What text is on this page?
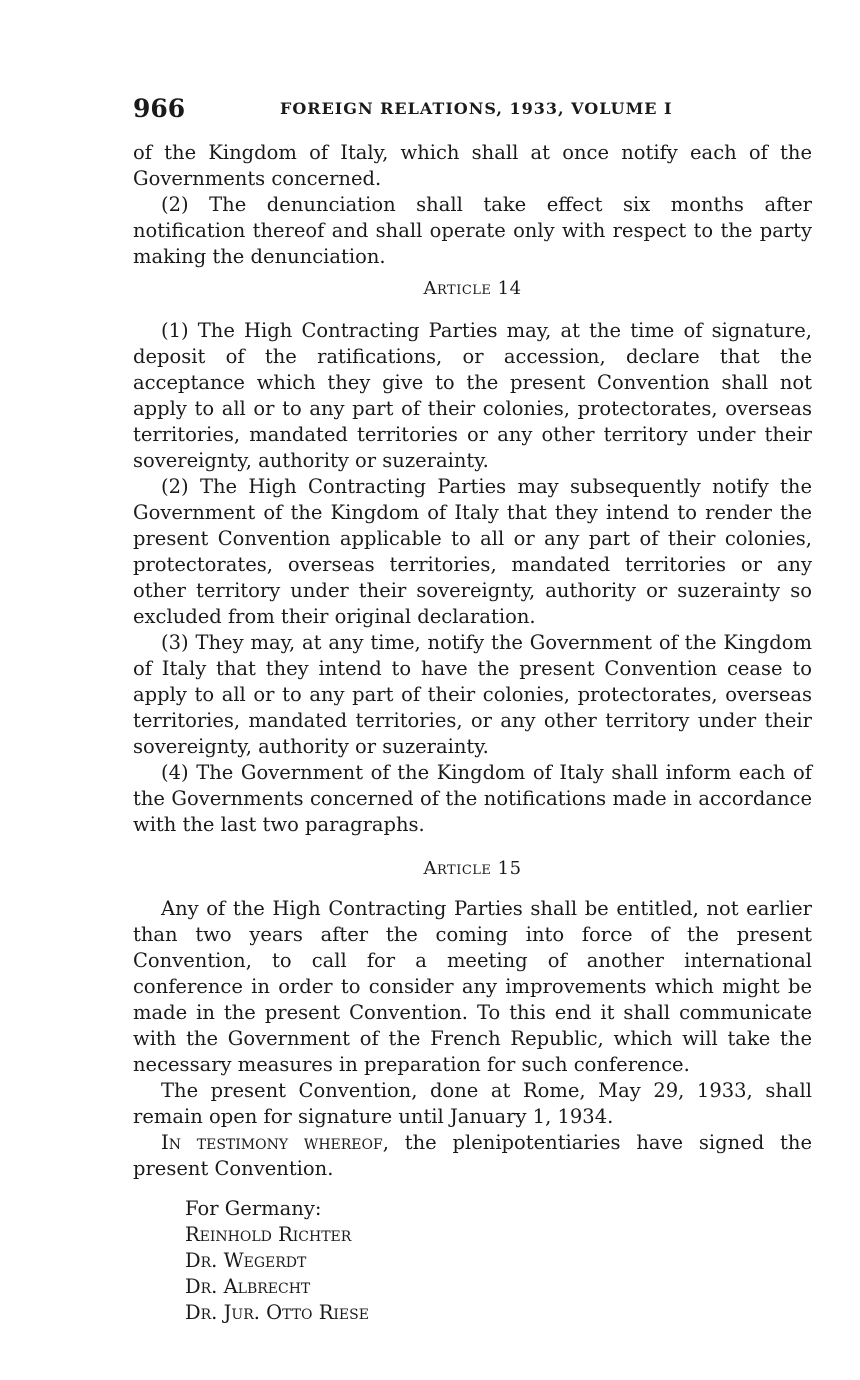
966	FOREIGN RELATIONS, 1933, VOLUME I

of the Kingdom of Italy, which shall at once notify each of the Governments concerned.

(2) The denunciation shall take effect six months after notification thereof and shall operate only with respect to the party making the denunciation.

Article 14

(1) The High Contracting Parties may, at the time of signature, deposit of the ratifications, or accession, declare that the acceptance which they give to the present Convention shall not apply to all or to any part of their colonies, protectorates, overseas territories, mandated territories or any other territory under their sovereignty, authority or suzerainty.

(2) The High Contracting Parties may subsequently notify the Government of the Kingdom of Italy that they intend to render the present Convention applicable to all or any part of their colonies, protectorates, overseas territories, mandated territories or any other territory under their sovereignty, authority or suzerainty so excluded from their original declaration.

(3) They may, at any time, notify the Government of the Kingdom of Italy that they intend to have the present Convention cease to apply to all or to any part of their colonies, protectorates, overseas territories, mandated territories, or any other territory under their sovereignty, authority or suzerainty.

(4) The Government of the Kingdom of Italy shall inform each of the Governments concerned of the notifications made in accordance with the last two paragraphs.

Article 15

Any of the High Contracting Parties shall be entitled, not earlier than two years after the coming into force of the present Convention, to call for a meeting of another international conference in order to consider any improvements which might be made in the present Convention. To this end it shall communicate with the Government of the French Republic, which will take the necessary measures in preparation for such conference.

The present Convention, done at Rome, May 29, 1933, shall remain open for signature until January 1, 1934.

In testimony whereof, the plenipotentiaries have signed the present Convention.

For Germany:

Reinhold Richter

Dr. Wegerdt

Dr. Albrecht

Dr. Jur. Otto Riese
